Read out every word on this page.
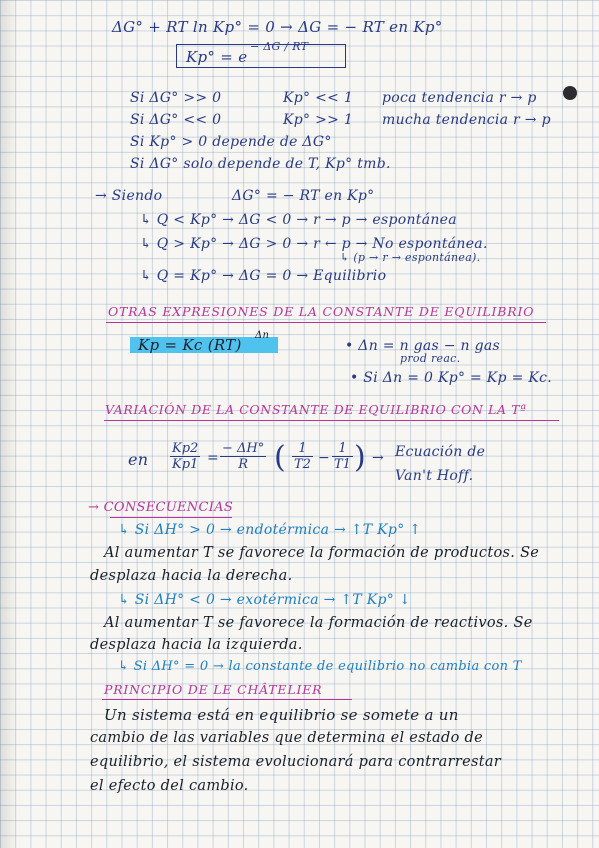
ΔG° + RT ln Kp° = 0 → ΔG = − RT en Kp°
Kp° = e
− ΔG / RT
Si ΔG° >> 0	Kp° << 1 poca tendencia r → p
Si ΔG° << 0	Kp° >> 1 mucha tendencia r → p
Si Kp° > 0 depende de ΔG°
Si ΔG° solo depende de T, Kp° tmb.
→ Siendo	ΔG° = − RT en Kp°
↳ Q < Kp° → ΔG < 0 → r → p → espontánea
↳ Q > Kp° → ΔG > 0 → r ← p → No espontánea.
↳ (p → r → espontánea).
↳ Q = Kp° → ΔG = 0 → Equilibrio
OTRAS EXPRESIONES DE LA CONSTANTE DE EQUILIBRIO
Kp = Kc (RT)
Δn
• Δn = n gas − n gas
prod reac.
• Si Δn = 0 Kp° = Kp = Kc.
VARIACIÓN DE LA CONSTANTE DE EQUILIBRIO CON LA Tª
en $\frac{Kp2}{Kp1} = \frac{- \Delta H^\circ}{R}$ ( $\frac{1}{T2} - \frac{1}{T1}$ ) → Ecuación de
Van't Hoff.
→ CONSECUENCIAS
↳ Si ΔH° > 0 → endotérmica → ↑T Kp° ↑
Al aumentar T se favorece la formación de productos. Se
desplaza hacia la derecha.
↳ Si ΔH° < 0 → exotérmica → ↑T Kp° ↓
Al aumentar T se favorece la formación de reactivos. Se
desplaza hacia la izquierda.
↳ Si ΔH° = 0 → la constante de equilibrio no cambia con T
PRINCIPIO DE LE CHÂTELIER
Un sistema está en equilibrio se somete a un
cambio de las variables que determina el estado de
equilibrio, el sistema evolucionará para contrarrestar
el efecto del cambio.
